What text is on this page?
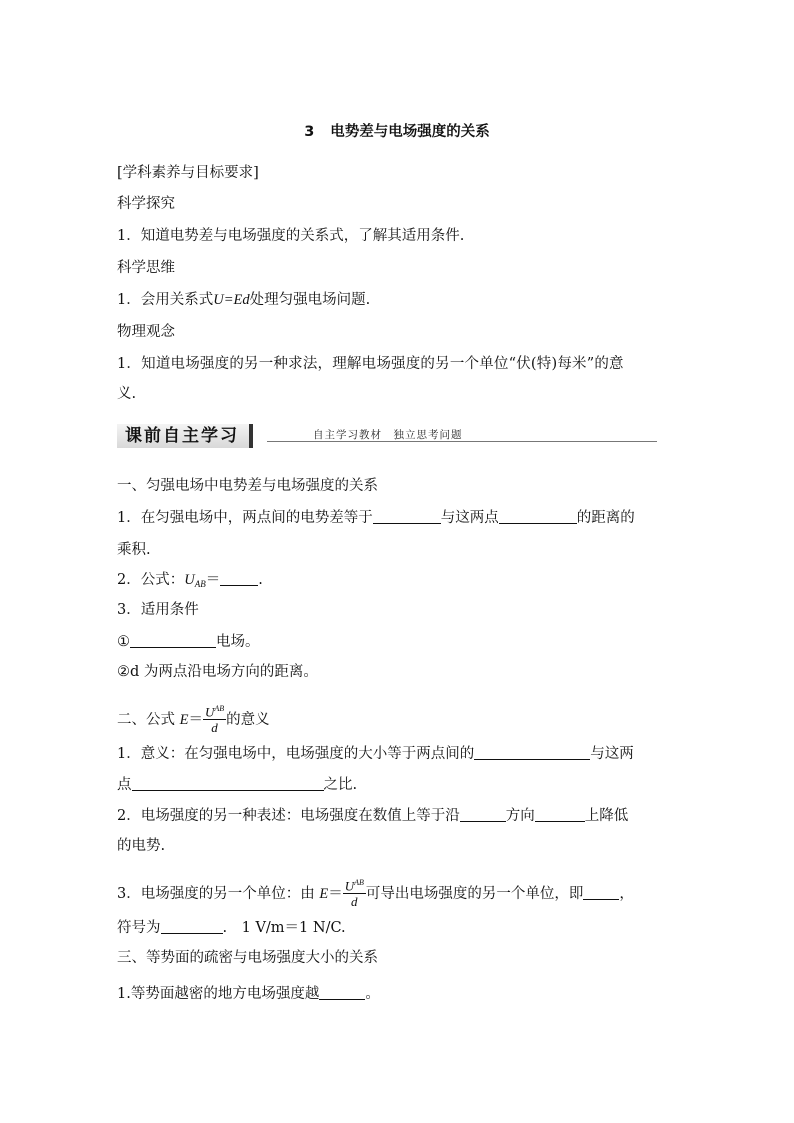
3 电势差与电场强度的关系
[学科素养与目标要求]
科学探究
1．知道电势差与电场强度的关系式，了解其适用条件.
科学思维
1．会用关系式U=Ed处理匀强电场问题.
物理观念
1．知道电场强度的另一种求法，理解电场强度的另一个单位“伏(特)每米”的意
义.
课前自主学习	自主学习教材　独立思考问题
一、匀强电场中电势差与电场强度的关系
1．在匀强电场中，两点间的电势差等于	与这两点	的距离的
乘积.
2．公式：$U_{AB}=$	.
3．适用条件
①	电场。
②d 为两点沿电场方向的距离。
二、公式 $E= \frac{U^{AB}}{d}$ 的意义
1．意义：在匀强电场中，电场强度的大小等于两点间的	与这两
点	之比.
2．电场强度的另一种表述：电场强度在数值上等于沿	方向	上降低
的电势.
3．电场强度的另一个单位：由 $E= \frac{U^{AB}}{d}$ 可导出电场强度的另一个单位，即 ，
符号为	.　1 V/m＝1 N/C.
三、等势面的疏密与电场强度大小的关系
1.等势面越密的地方电场强度越	。
